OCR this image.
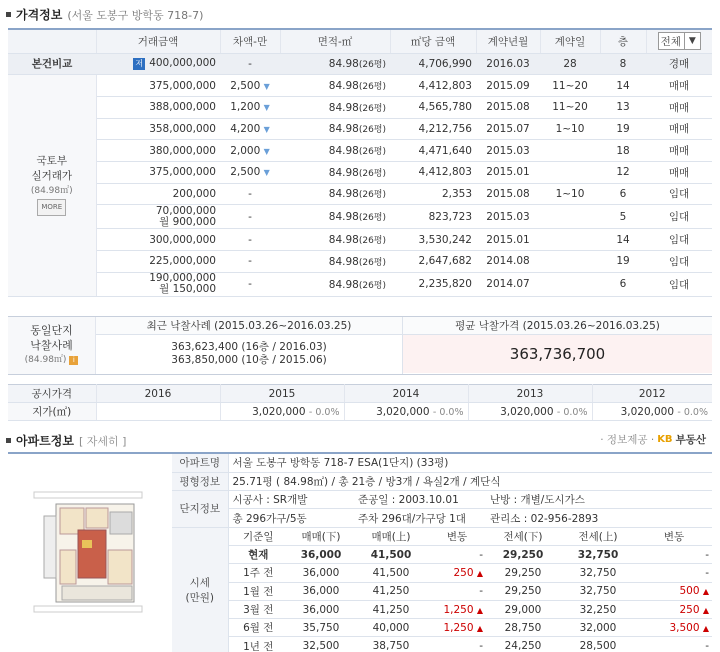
가격정보 (서울 도봉구 방학동 718-7)
	거래금액	차액-만	면적-㎡	㎡당 금액	계약년월	계약일	층	전체 ▼

본건비교	저 400,000,000	-	84.98(26평)	4,706,990	2016.03	28	8	경매

국토부
실거래가
(84.98㎡)
MORE	375,000,000	2,500 ▼	84.98(26평)	4,412,803	2015.09	11~20	14	매매

	388,000,000	1,200 ▼	84.98(26평)	4,565,780	2015.08	11~20	13	매매

	358,000,000	4,200 ▼	84.98(26평)	4,212,756	2015.07	1~10	19	매매

	380,000,000	2,000 ▼	84.98(26평)	4,471,640	2015.03		18	매매

	375,000,000	2,500 ▼	84.98(26평)	4,412,803	2015.01		12	매매

	200,000	-	84.98(26평)	2,353	2015.08	1~10	6	임대

	70,000,000
월 900,000	-	84.98(26평)	823,723	2015.03		5	임대

	300,000,000	-	84.98(26평)	3,530,242	2015.01		14	임대

	225,000,000	-	84.98(26평)	2,647,682	2014.08		19	임대

	190,000,000
월 150,000	-	84.98(26평)	2,235,820	2014.07		6	임대
동일단지
낙찰사례
(84.98㎡) i
최근 낙찰사례 (2015.03.26~2016.03.25)
363,623,400 (16층 / 2016.03)
363,850,000 (10층 / 2015.06)
평균 낙찰가격 (2015.03.26~2016.03.25)
363,736,700
공시가격	2016	2015	2014	2013	2012
지가(㎡)		3,020,000 - 0.0%	3,020,000 - 0.0%	3,020,000 - 0.0%	3,020,000 - 0.0%
아파트정보 [ 자세히 ]	· 정보제공 · KB 부동산
아파트명	서울 도봉구 방학동 718-7 ESA(1단지) (33평)						
평형정보	25.71평 ( 84.98㎡) / 총 21층 / 방3개 / 욕실2개 / 계단식						
단지정보	시공사 : SR개발		준공일 : 2003.10.01		난방 : 개별/도시가스		
	총 296가구/5동		주차 296대/가구당 1대		관리소 : 02-956-2893		

시세
(만원)	기준일	매매(下)	매매(上)	변동	전세(下)	전세(上)	변동
	현재	36,000	41,500	-	29,250	32,750	-
	1주 전	36,000	41,500	250 ▲	29,250	32,750	-
	1월 전	36,000	41,250	-	29,250	32,750	500 ▲
	3월 전	36,000	41,250	1,250 ▲	29,000	32,250	250 ▲
	6월 전	35,750	40,000	1,250 ▲	28,750	32,000	3,500 ▲
	1년 전	32,500	38,750	-	24,250	28,500	-
